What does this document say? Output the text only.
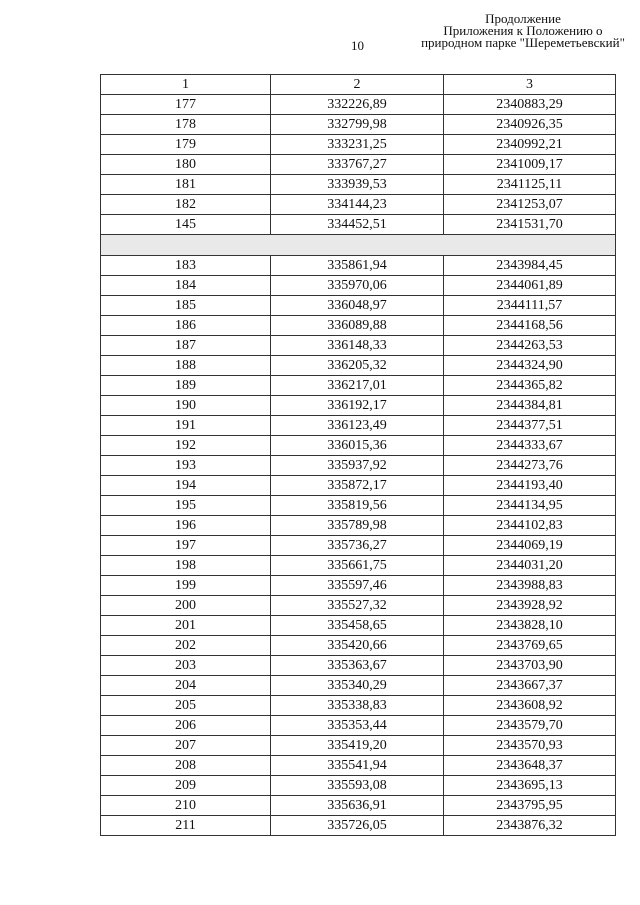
10
Продолжение
Приложения к Положению о
природном парке "Шереметьевский"
1	2	3
177	332226,89	2340883,29
178	332799,98	2340926,35
179	333231,25	2340992,21
180	333767,27	2341009,17
181	333939,53	2341125,11
182	334144,23	2341253,07
145	334452,51	2341531,70

183	335861,94	2343984,45
184	335970,06	2344061,89
185	336048,97	2344111,57
186	336089,88	2344168,56
187	336148,33	2344263,53
188	336205,32	2344324,90
189	336217,01	2344365,82
190	336192,17	2344384,81
191	336123,49	2344377,51
192	336015,36	2344333,67
193	335937,92	2344273,76
194	335872,17	2344193,40
195	335819,56	2344134,95
196	335789,98	2344102,83
197	335736,27	2344069,19
198	335661,75	2344031,20
199	335597,46	2343988,83
200	335527,32	2343928,92
201	335458,65	2343828,10
202	335420,66	2343769,65
203	335363,67	2343703,90
204	335340,29	2343667,37
205	335338,83	2343608,92
206	335353,44	2343579,70
207	335419,20	2343570,93
208	335541,94	2343648,37
209	335593,08	2343695,13
210	335636,91	2343795,95
211	335726,05	2343876,32
